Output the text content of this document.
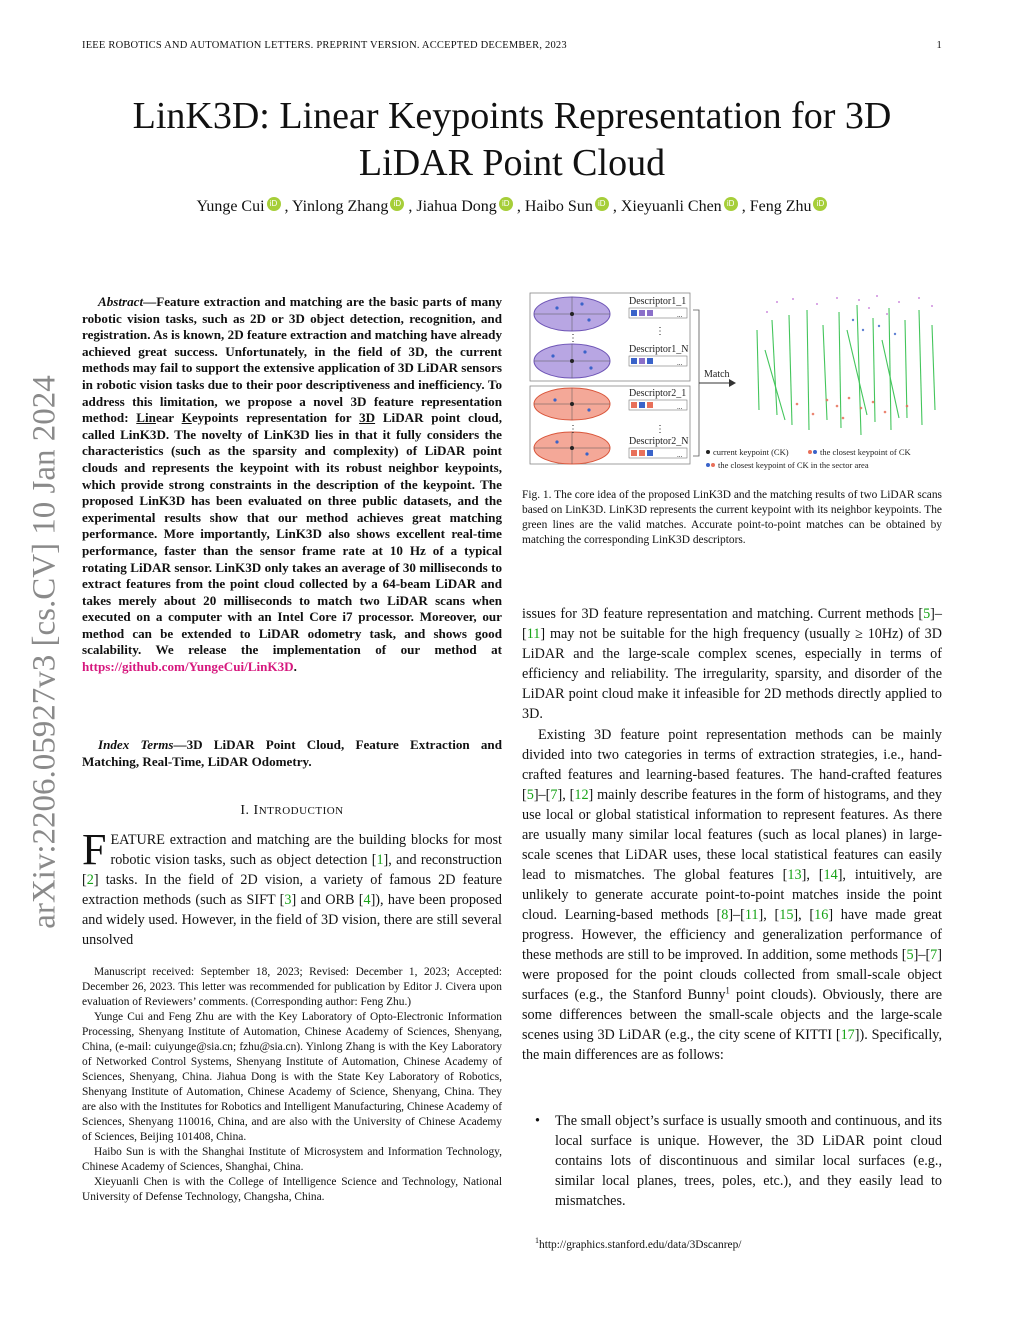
IEEE ROBOTICS AND AUTOMATION LETTERS. PREPRINT VERSION. ACCEPTED DECEMBER, 2023	1
LinK3D: Linear Keypoints Representation for 3D LiDAR Point Cloud
Yunge Cui iD , Yinlong Zhang iD , Jiahua Dong iD , Haibo Sun iD , Xieyuanli Chen iD , Feng Zhu iD
arXiv:2206.05927v3 [cs.CV] 10 Jan 2024
Abstract—Feature extraction and matching are the basic parts of many robotic vision tasks, such as 2D or 3D object detection, recognition, and registration. As is known, 2D feature extraction and matching have already achieved great success. Unfortunately, in the field of 3D, the current methods may fail to support the extensive application of 3D LiDAR sensors in robotic vision tasks due to their poor descriptiveness and inefficiency. To address this limitation, we propose a novel 3D feature representation method: Linear Keypoints representation for 3D LiDAR point cloud, called LinK3D. The novelty of LinK3D lies in that it fully considers the characteristics (such as the sparsity and complexity) of LiDAR point clouds and represents the keypoint with its robust neighbor keypoints, which provide strong constraints in the description of the keypoint. The proposed LinK3D has been evaluated on three public datasets, and the experimental results show that our method achieves great matching performance. More importantly, LinK3D also shows excellent real-time performance, faster than the sensor frame rate at 10 Hz of a typical rotating LiDAR sensor. LinK3D only takes an average of 30 milliseconds to extract features from the point cloud collected by a 64-beam LiDAR and takes merely about 20 milliseconds to match two LiDAR scans when executed on a computer with an Intel Core i7 processor. Moreover, our method can be extended to LiDAR odometry task, and shows good scalability. We release the implementation of our method at https://github.com/YungeCui/LinK3D.
Index Terms—3D LiDAR Point Cloud, Feature Extraction and Matching, Real-Time, LiDAR Odometry.
I. INTRODUCTION
FEATURE extraction and matching are the building blocks for most robotic vision tasks, such as object detection [1], and reconstruction [2] tasks. In the field of 2D vision, a variety of famous 2D feature extraction methods (such as SIFT [3] and ORB [4]), have been proposed and widely used. However, in the field of 3D vision, there are still several unsolved

Manuscript received: September 18, 2023; Revised: December 1, 2023; Accepted: December 26, 2023. This letter was recommended for publication by Editor J. Civera upon evaluation of Reviewers’ comments. (Corresponding author: Feng Zhu.)

Yunge Cui and Feng Zhu are with the Key Laboratory of Opto-Electronic Information Processing, Shenyang Institute of Automation, Chinese Academy of Sciences, Shenyang, China, (e-mail: cuiyunge@sia.cn; fzhu@sia.cn). Yinlong Zhang is with the Key Laboratory of Networked Control Systems, Shenyang Institute of Automation, Chinese Academy of Sciences, Shenyang, China. Jiahua Dong is with the State Key Laboratory of Robotics, Shenyang Institute of Automation, Chinese Academy of Science, Shenyang, China. They are also with the Institutes for Robotics and Intelligent Manufacturing, Chinese Academy of Sciences, Shenyang 110016, China, and are also with the University of Chinese Academy of Sciences, Beijing 101408, China.

Haibo Sun is with the Shanghai Institute of Microsystem and Information Technology, Chinese Academy of Sciences, Shanghai, China.

Xieyuanli Chen is with the College of Intelligence Science and Technology, National University of Defense Technology, Changsha, China.

⋮
⋮
Descriptor1_1
Descriptor1_N
Descriptor2_1
Descriptor2_N
...
...
...
...
⋮
⋮
Match
current keypoint (CK)	the closest keypoint of CK
the closest keypoint of CK in the sector area
Fig. 1. The core idea of the proposed LinK3D and the matching results of two LiDAR scans based on LinK3D. LinK3D represents the current keypoint with its neighbor keypoints. The green lines are the valid matches. Accurate point-to-point matches can be obtained by matching the corresponding LinK3D descriptors.
issues for 3D feature representation and matching. Current methods [5]–[11] may not be suitable for the high frequency (usually ≥ 10Hz) of 3D LiDAR and the large-scale complex scenes, especially in terms of efficiency and reliability. The irregularity, sparsity, and disorder of the LiDAR point cloud make it infeasible for 2D methods directly applied to 3D.
Existing 3D feature point representation methods can be mainly divided into two categories in terms of extraction strategies, i.e., hand-crafted features and learning-based features. The hand-crafted features [5]–[7], [12] mainly describe features in the form of histograms, and they use local or global statistical information to represent features. As there are usually many similar local features (such as local planes) in large-scale scenes that LiDAR uses, these local statistical features can easily lead to mismatches. The global features [13], [14], intuitively, are unlikely to generate accurate point-to-point matches inside the point cloud. Learning-based methods [8]–[11], [15], [16] have made great progress. However, the efficiency and generalization performance of these methods are still to be improved. In addition, some methods [5]–[7] were proposed for the point clouds collected from small-scale object surfaces (e.g., the Stanford Bunny$^1$ point clouds). Obviously, there are some differences between the small-scale objects and the large-scale scenes using 3D LiDAR (e.g., the city scene of KITTI [17]). Specifically, the main differences are as follows:
• The small object’s surface is usually smooth and continuous, and its local surface is unique. However, the 3D LiDAR point cloud contains lots of discontinuous and similar local surfaces (e.g., similar local planes, trees, poles, etc.), and they easily lead to mismatches.
$^1$http://graphics.stanford.edu/data/3Dscanrep/
